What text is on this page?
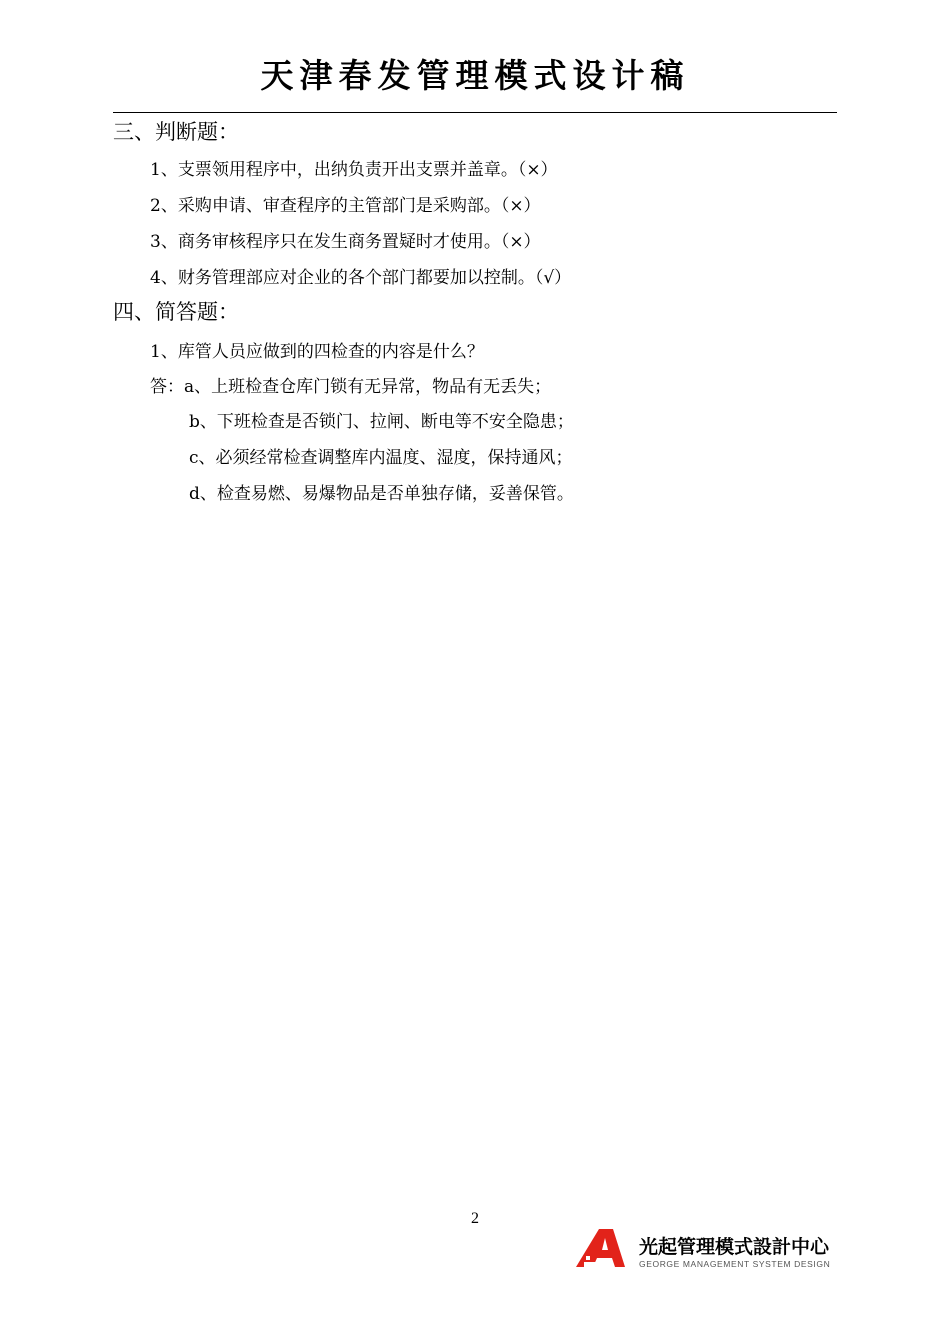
天津春发管理模式设计稿
三、判断题：
1、支票领用程序中，出纳负责开出支票并盖章。（×）
2、采购申请、审查程序的主管部门是采购部。（×）
3、商务审核程序只在发生商务置疑时才使用。（×）
4、财务管理部应对企业的各个部门都要加以控制。（√）
四、简答题：
1、库管人员应做到的四检查的内容是什么？
答：a、上班检查仓库门锁有无异常，物品有无丢失；
b、下班检查是否锁门、拉闸、断电等不安全隐患；
c、必须经常检查调整库内温度、湿度，保持通风；
d、检查易燃、易爆物品是否单独存储，妥善保管。
2
光起管理模式設計中心
GEORGE MANAGEMENT SYSTEM DESIGN
